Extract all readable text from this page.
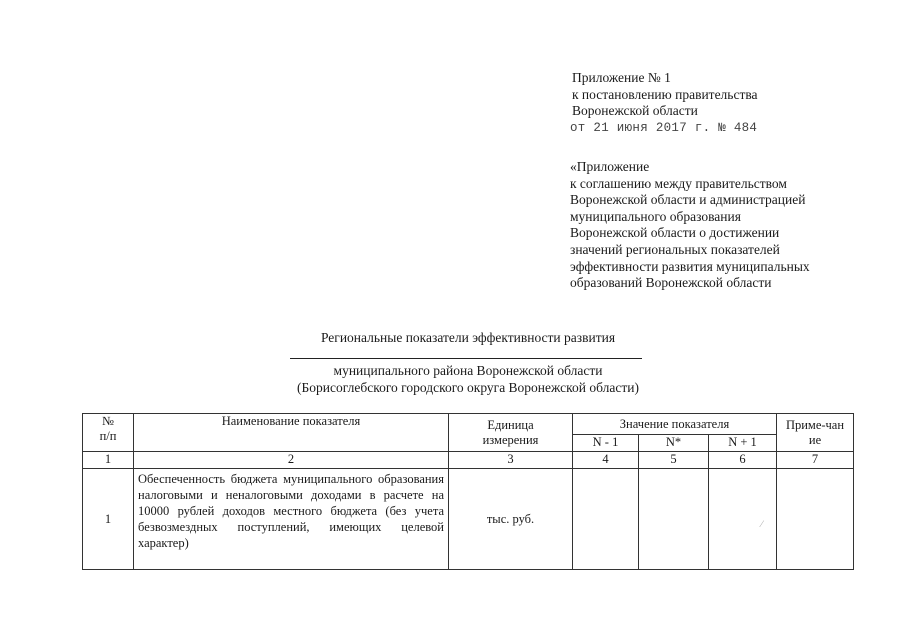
Приложение № 1
к постановлению правительства
Воронежской области
от 21 июня 2017 г. № 484
«Приложение
к соглашению между правительством
Воронежской области и администрацией
муниципального образования
Воронежской области о достижении
значений региональных показателей
эффективности развития муниципальных
образований Воронежской области
Региональные показатели эффективности развития
муниципального района Воронежской области
(Борисоглебского городского округа Воронежской области)
№ п/п	Наименование показателя	Единица измерения	Значение показателя			Приме-чание
			N - 1	N*	N + 1	
1	2	3	4	5	6	7
1	Обеспеченность бюджета муниципального образования налоговыми и неналоговыми доходами в расчете на 10000 рублей доходов местного бюджета (без учета безвозмездных поступлений, имеющих целевой характер)	тыс. руб.					⁄
